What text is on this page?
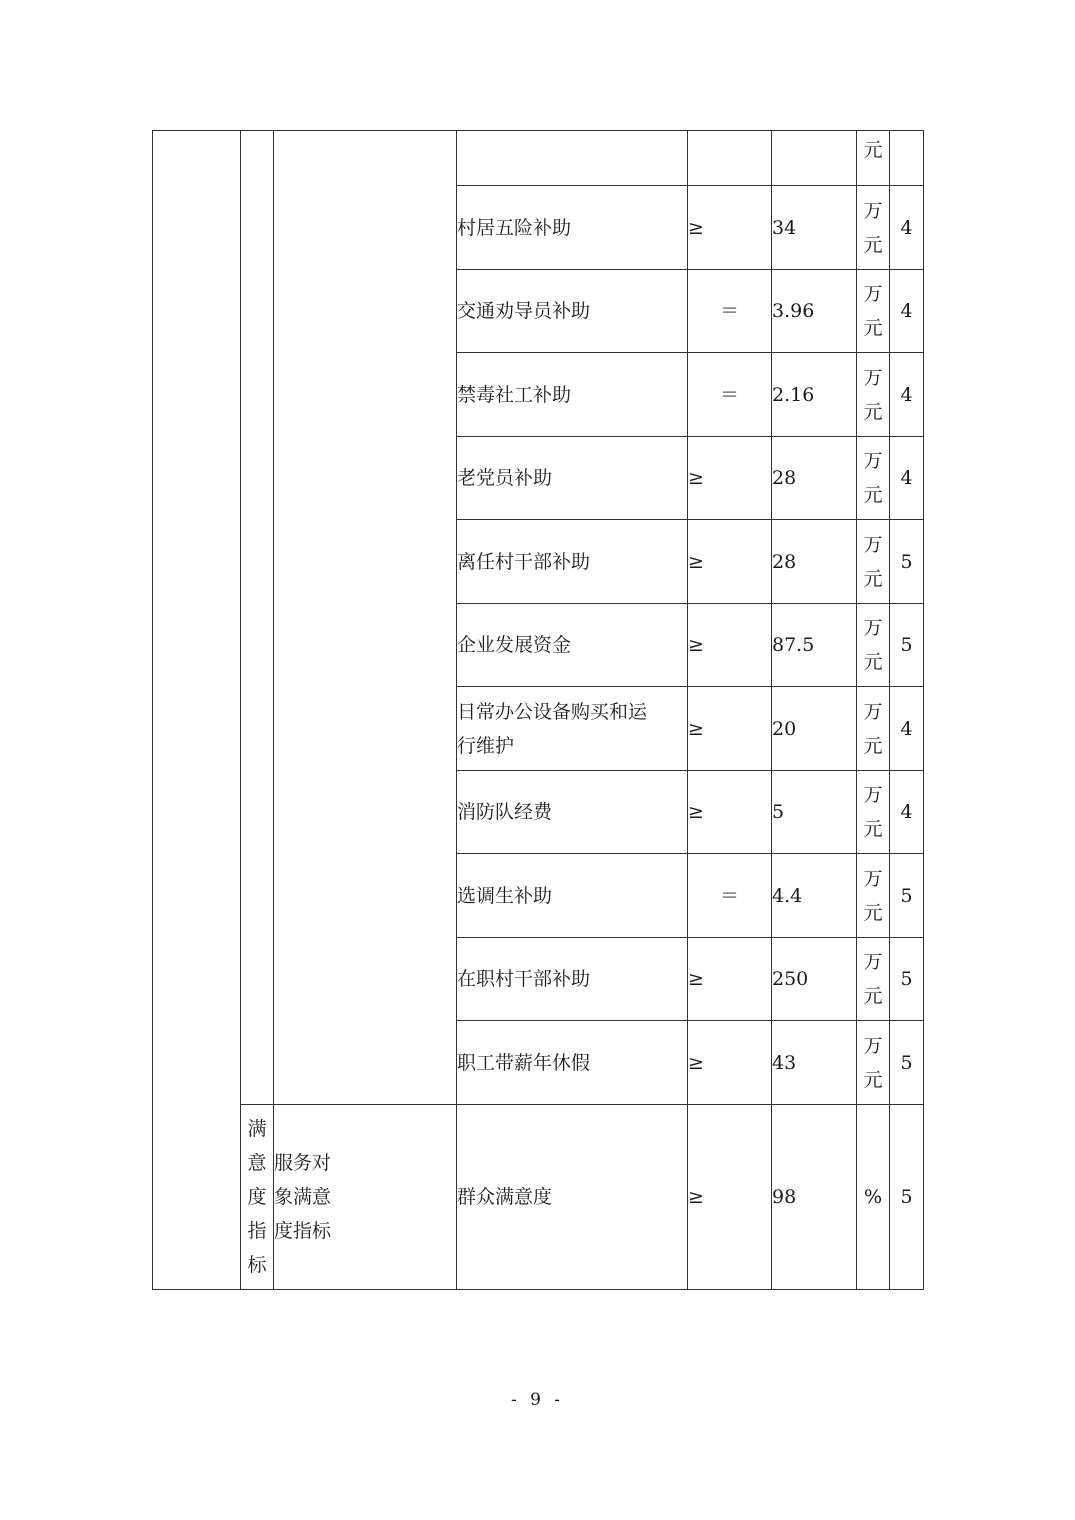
						元	
			村居五险补助	≥	34	万元	4
			交通劝导员补助	＝	3.96	万元	4
			禁毒社工补助	＝	2.16	万元	4
			老党员补助	≥	28	万元	4
			离任村干部补助	≥	28	万元	5
			企业发展资金	≥	87.5	万元	5

			日常办公设备购买和运行维护	≥	20	万元	4
			消防队经费	≥	5	万元	4
			选调生补助	＝	4.4	万元	5
			在职村干部补助	≥	250	万元	5
			职工带薪年休假	≥	43	万元	5
	满意度指标	服务对象满意度指标	群众满意度	≥	98	%	5
- 9 -
